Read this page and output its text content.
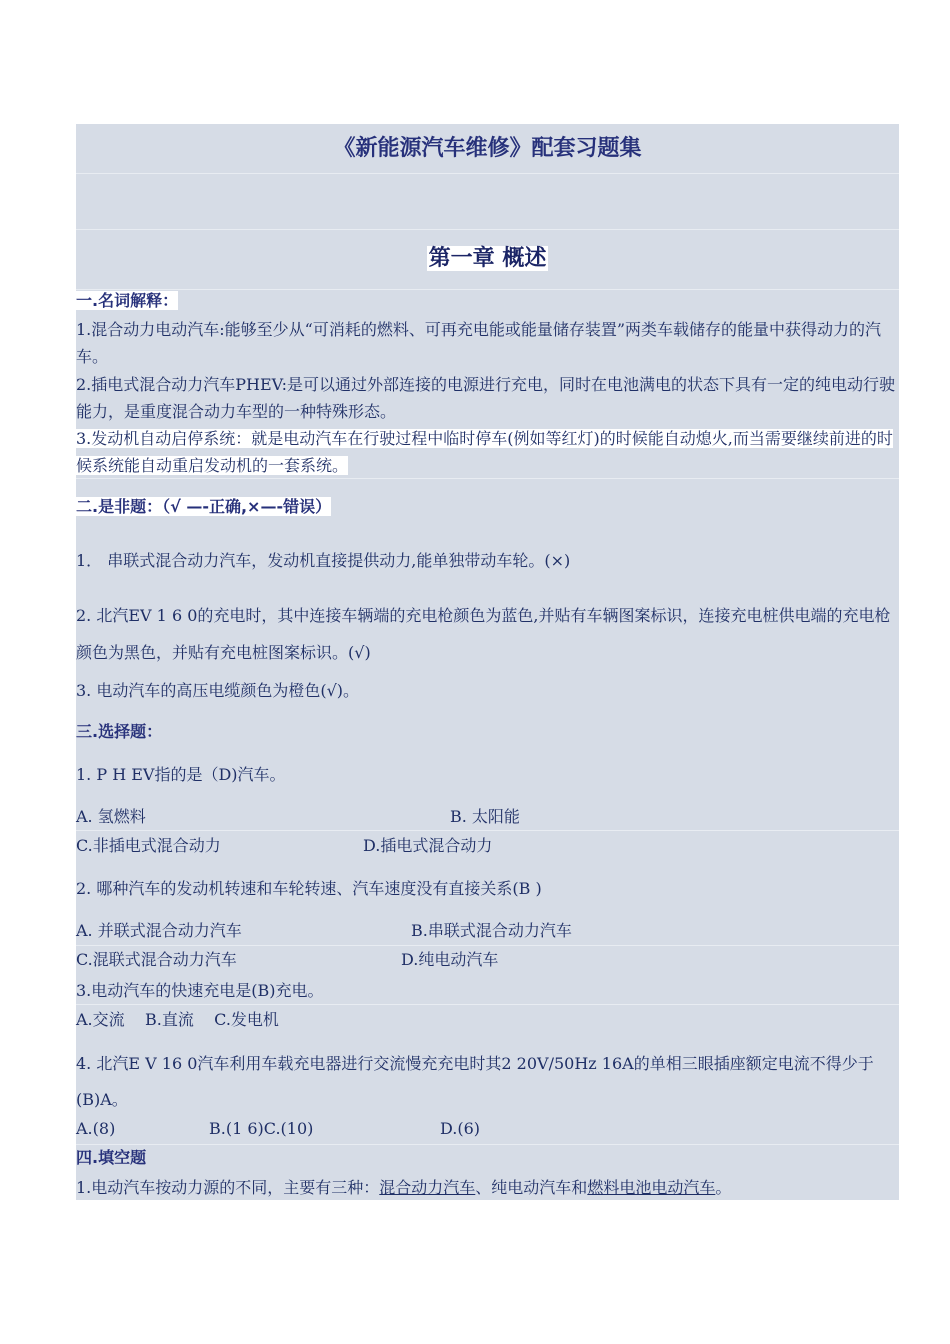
《新能源汽车维修》配套习题集
第一章 概述
一.名词解释：
1.混合动力电动汽车:能够至少从“可消耗的燃料、可再充电能或能量储存装置”两类车载储存的能量中获得动力的汽车。
2.插电式混合动力汽车PHEV:是可以通过外部连接的电源进行充电，同时在电池满电的状态下具有一定的纯电动行驶能力，是重度混合动力车型的一种特殊形态。
3.发动机自动启停系统：就是电动汽车在行驶过程中临时停车(例如等红灯)的时候能自动熄火,而当需要继续前进的时候系统能自动重启发动机的一套系统。
二.是非题：（√ —-正确,×—-错误）
1． 串联式混合动力汽车，发动机直接提供动力,能单独带动车轮。(×)
2. 北汽EV 1 6 0的充电时，其中连接车辆端的充电枪颜色为蓝色,并贴有车辆图案标识，连接充电桩供电端的充电枪颜色为黑色，并贴有充电桩图案标识。(√)
3. 电动汽车的高压电缆颜色为橙色(√)。
三.选择题：
1. P H EV指的是（D)汽车。
A. 氢燃料	B. 太阳能
C.非插电式混合动力	D.插电式混合动力
2. 哪种汽车的发动机转速和车轮转速、汽车速度没有直接关系(B )
A. 并联式混合动力汽车	B.串联式混合动力汽车
C.混联式混合动力汽车	D.纯电动汽车
3.电动汽车的快速充电是(B)充电。
A.交流    B.直流    C.发电机
4. 北汽E V 16 0汽车利用车载充电器进行交流慢充充电时其2 20V/50Hz 16A的单相三眼插座额定电流不得少于(B)A。
A.(8)	B.(1 6)C.(10)	D.(6)
四.填空题
1.电动汽车按动力源的不同，主要有三种：混合动力汽车、纯电动汽车和燃料电池电动汽车。
